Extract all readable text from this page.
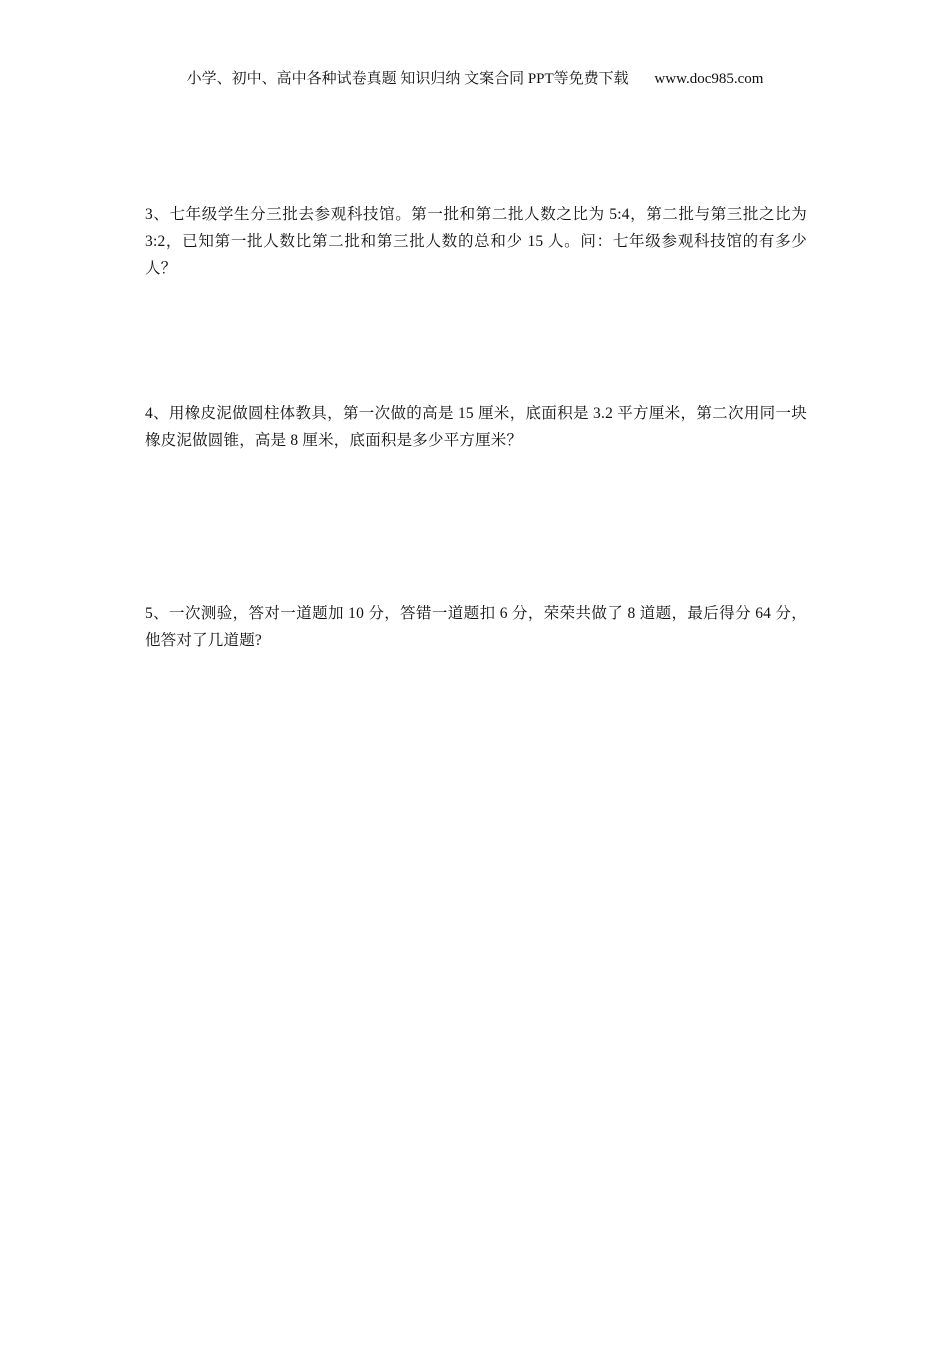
小学、初中、高中各种试卷真题 知识归纳 文案合同 PPT等免费下载 www.doc985.com
3、七年级学生分三批去参观科技馆。第一批和第二批人数之比为 5:4，第二批与第三批之比为 3:2，已知第一批人数比第二批和第三批人数的总和少 15 人。问：七年级参观科技馆的有多少人？
4、用橡皮泥做圆柱体教具，第一次做的高是 15 厘米，底面积是 3.2 平方厘米，第二次用同一块橡皮泥做圆锥，高是 8 厘米，底面积是多少平方厘米？
5、一次测验，答对一道题加 10 分，答错一道题扣 6 分，荣荣共做了 8 道题，最后得分 64 分，他答对了几道题?
